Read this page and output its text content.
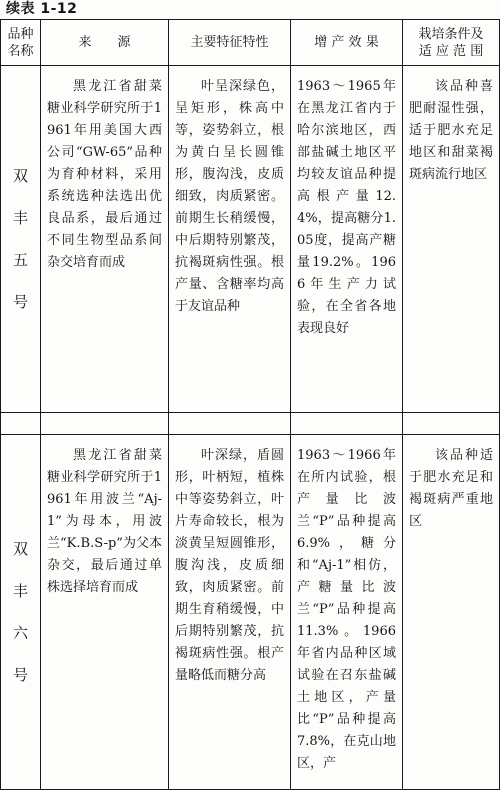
续表 1-12
品种
名称	来　　源	主要特征特性	增 产 效 果	栽培条件及
适 应 范 围

双
丰
五
号	黑龙江省甜菜糖业科学研究所于1961年用美国大西公司“GW-65”品种为育种材料，采用系统选种法选出优良品系，最后通过不同生物型品系间杂交培育而成	叶呈深绿色，呈矩形，株高中等，姿势斜立，根为黄白呈长圆锥形，腹沟浅，皮质细致，肉质紧密。前期生长稍缓慢，中后期特别繁茂，抗褐斑病性强。根产量、含糖率均高于友谊品种	1963～1965年在黑龙江省内于哈尔滨地区，西部盐碱土地区平均较友谊品种提高根产量12.4%，提高糖分1.05度，提高产糖量19.2%。1966年生产力试验，在全省各地表现良好	该品种喜肥耐湿性强，适于肥水充足地区和甜菜褐斑病流行地区

双
丰
六
号	黑龙江省甜菜糖业科学研究所于1961年用波兰“Aj-1”为母本，用波兰“K.B.S-p”为父本杂交，最后通过单株选择培育而成	叶深绿，盾圆形，叶柄短，植株中等姿势斜立，叶片寿命较长，根为淡黄呈短圆锥形，腹沟浅，皮质细致，肉质紧密。前期生育稍缓慢，中后期特别繁茂，抗褐斑病性强。根产量略低而糖分高	1963～1966年在所内试验，根产量比波兰“P”品种提高6.9%，糖分和“Aj-1”相仿，产糖量比波兰“P”品种提高 11.3%。1966年省内品种区域试验在召东盐碱土地区，产量比“P”品种提高7.8%，在克山地区，产	该品种适于肥水充足和褐斑病严重地区
